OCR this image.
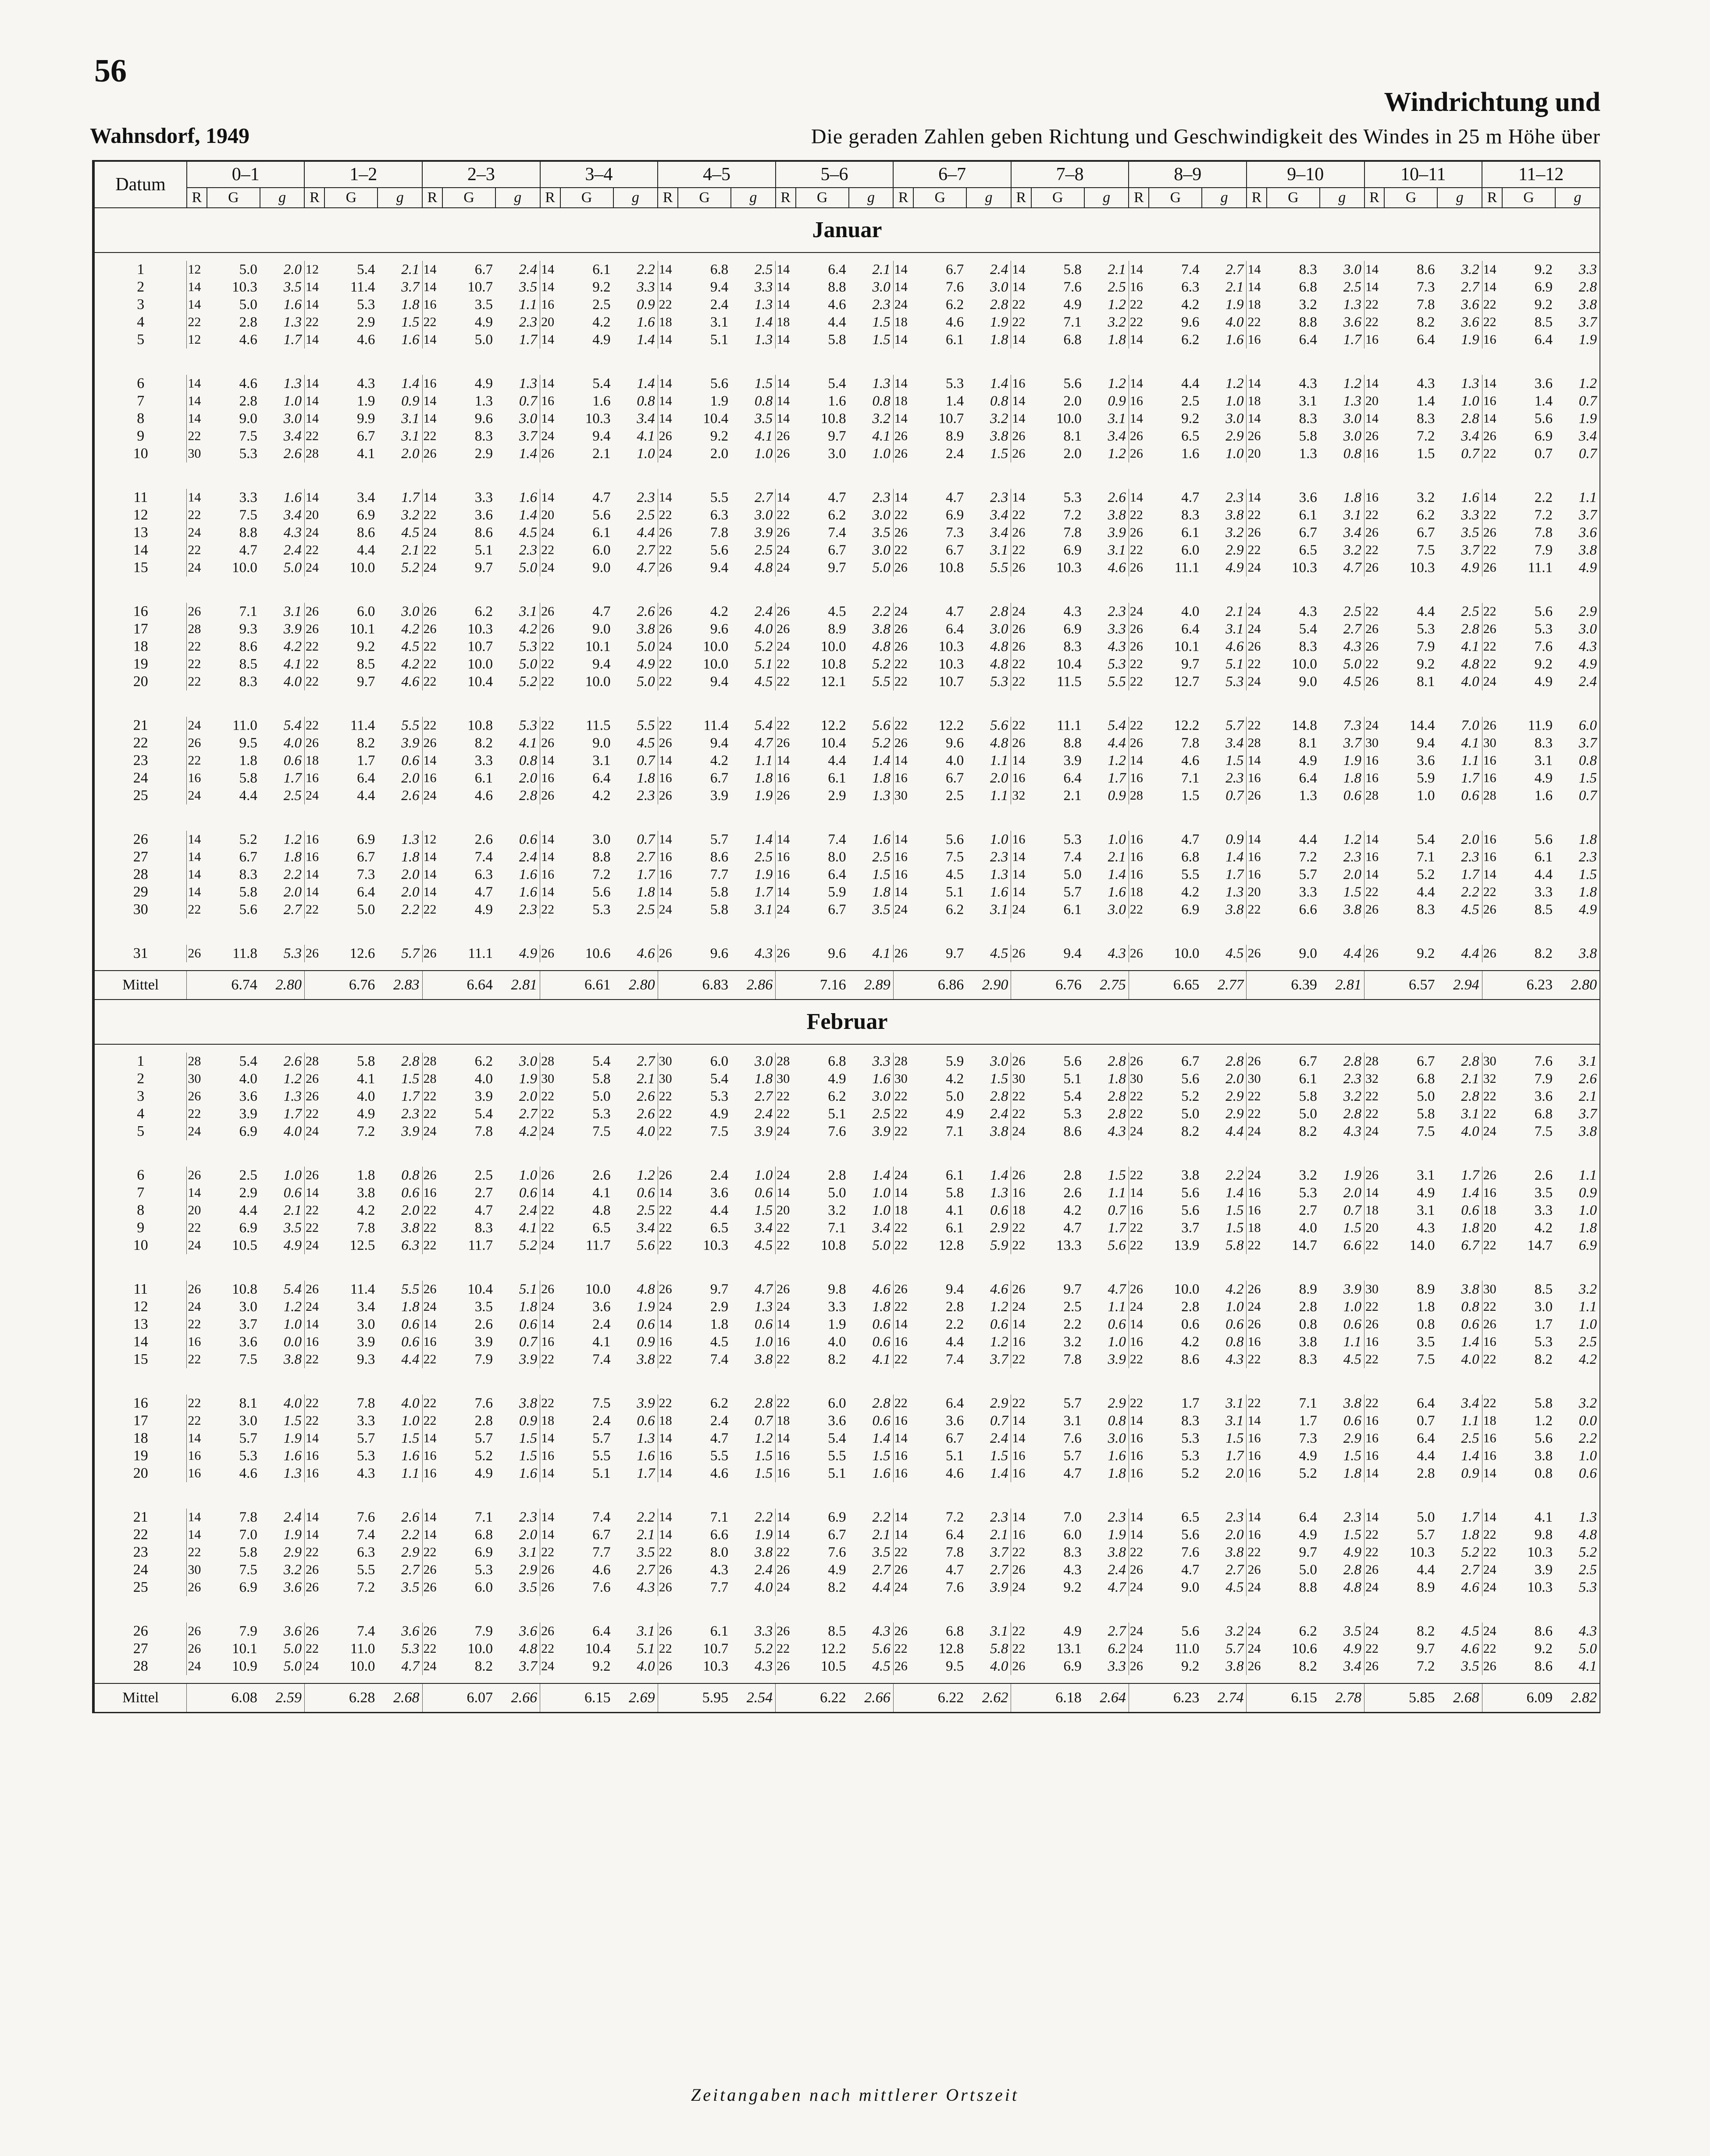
56
Windrichtung und
Wahnsdorf, 1949	Die geraden Zahlen geben Richtung und Geschwindigkeit des Windes in 25 m Höhe über
Datum	0–1			1–2			2–3			3–4			4–5			5–6			6–7			7–8			8–9			9–10			10–11			11–12		
	R	G	g	R	G	g	R	G	g	R	G	g	R	G	g	R	G	g	R	G	g	R	G	g	R	G	g	R	G	g	R	G	g	R	G	g
Januar																																				

1	12	5.0	2.0	12	5.4	2.1	14	6.7	2.4	14	6.1	2.2	14	6.8	2.5	14	6.4	2.1	14	6.7	2.4	14	5.8	2.1	14	7.4	2.7	14	8.3	3.0	14	8.6	3.2	14	9.2	3.3
2	14	10.3	3.5	14	11.4	3.7	14	10.7	3.5	14	9.2	3.3	14	9.4	3.3	14	8.8	3.0	14	7.6	3.0	14	7.6	2.5	16	6.3	2.1	14	6.8	2.5	14	7.3	2.7	14	6.9	2.8
3	14	5.0	1.6	14	5.3	1.8	16	3.5	1.1	16	2.5	0.9	22	2.4	1.3	14	4.6	2.3	24	6.2	2.8	22	4.9	1.2	22	4.2	1.9	18	3.2	1.3	22	7.8	3.6	22	9.2	3.8
4	22	2.8	1.3	22	2.9	1.5	22	4.9	2.3	20	4.2	1.6	18	3.1	1.4	18	4.4	1.5	18	4.6	1.9	22	7.1	3.2	22	9.6	4.0	22	8.8	3.6	22	8.2	3.6	22	8.5	3.7
5	12	4.6	1.7	14	4.6	1.6	14	5.0	1.7	14	4.9	1.4	14	5.1	1.3	14	5.8	1.5	14	6.1	1.8	14	6.8	1.8	14	6.2	1.6	16	6.4	1.7	16	6.4	1.9	16	6.4	1.9

6	14	4.6	1.3	14	4.3	1.4	16	4.9	1.3	14	5.4	1.4	14	5.6	1.5	14	5.4	1.3	14	5.3	1.4	16	5.6	1.2	14	4.4	1.2	14	4.3	1.2	14	4.3	1.3	14	3.6	1.2
7	14	2.8	1.0	14	1.9	0.9	14	1.3	0.7	16	1.6	0.8	14	1.9	0.8	14	1.6	0.8	18	1.4	0.8	14	2.0	0.9	16	2.5	1.0	18	3.1	1.3	20	1.4	1.0	16	1.4	0.7
8	14	9.0	3.0	14	9.9	3.1	14	9.6	3.0	14	10.3	3.4	14	10.4	3.5	14	10.8	3.2	14	10.7	3.2	14	10.0	3.1	14	9.2	3.0	14	8.3	3.0	14	8.3	2.8	14	5.6	1.9
9	22	7.5	3.4	22	6.7	3.1	22	8.3	3.7	24	9.4	4.1	26	9.2	4.1	26	9.7	4.1	26	8.9	3.8	26	8.1	3.4	26	6.5	2.9	26	5.8	3.0	26	7.2	3.4	26	6.9	3.4
10	30	5.3	2.6	28	4.1	2.0	26	2.9	1.4	26	2.1	1.0	24	2.0	1.0	26	3.0	1.0	26	2.4	1.5	26	2.0	1.2	26	1.6	1.0	20	1.3	0.8	16	1.5	0.7	22	0.7	0.7

11	14	3.3	1.6	14	3.4	1.7	14	3.3	1.6	14	4.7	2.3	14	5.5	2.7	14	4.7	2.3	14	4.7	2.3	14	5.3	2.6	14	4.7	2.3	14	3.6	1.8	16	3.2	1.6	14	2.2	1.1
12	22	7.5	3.4	20	6.9	3.2	22	3.6	1.4	20	5.6	2.5	22	6.3	3.0	22	6.2	3.0	22	6.9	3.4	22	7.2	3.8	22	8.3	3.8	22	6.1	3.1	22	6.2	3.3	22	7.2	3.7
13	24	8.8	4.3	24	8.6	4.5	24	8.6	4.5	24	6.1	4.4	26	7.8	3.9	26	7.4	3.5	26	7.3	3.4	26	7.8	3.9	26	6.1	3.2	26	6.7	3.4	26	6.7	3.5	26	7.8	3.6
14	22	4.7	2.4	22	4.4	2.1	22	5.1	2.3	22	6.0	2.7	22	5.6	2.5	24	6.7	3.0	22	6.7	3.1	22	6.9	3.1	22	6.0	2.9	22	6.5	3.2	22	7.5	3.7	22	7.9	3.8
15	24	10.0	5.0	24	10.0	5.2	24	9.7	5.0	24	9.0	4.7	26	9.4	4.8	24	9.7	5.0	26	10.8	5.5	26	10.3	4.6	26	11.1	4.9	24	10.3	4.7	26	10.3	4.9	26	11.1	4.9

16	26	7.1	3.1	26	6.0	3.0	26	6.2	3.1	26	4.7	2.6	26	4.2	2.4	26	4.5	2.2	24	4.7	2.8	24	4.3	2.3	24	4.0	2.1	24	4.3	2.5	22	4.4	2.5	22	5.6	2.9
17	28	9.3	3.9	26	10.1	4.2	26	10.3	4.2	26	9.0	3.8	26	9.6	4.0	26	8.9	3.8	26	6.4	3.0	26	6.9	3.3	26	6.4	3.1	24	5.4	2.7	26	5.3	2.8	26	5.3	3.0
18	22	8.6	4.2	22	9.2	4.5	22	10.7	5.3	22	10.1	5.0	24	10.0	5.2	24	10.0	4.8	26	10.3	4.8	26	8.3	4.3	26	10.1	4.6	26	8.3	4.3	26	7.9	4.1	22	7.6	4.3
19	22	8.5	4.1	22	8.5	4.2	22	10.0	5.0	22	9.4	4.9	22	10.0	5.1	22	10.8	5.2	22	10.3	4.8	22	10.4	5.3	22	9.7	5.1	22	10.0	5.0	22	9.2	4.8	22	9.2	4.9
20	22	8.3	4.0	22	9.7	4.6	22	10.4	5.2	22	10.0	5.0	22	9.4	4.5	22	12.1	5.5	22	10.7	5.3	22	11.5	5.5	22	12.7	5.3	24	9.0	4.5	26	8.1	4.0	24	4.9	2.4

21	24	11.0	5.4	22	11.4	5.5	22	10.8	5.3	22	11.5	5.5	22	11.4	5.4	22	12.2	5.6	22	12.2	5.6	22	11.1	5.4	22	12.2	5.7	22	14.8	7.3	24	14.4	7.0	26	11.9	6.0
22	26	9.5	4.0	26	8.2	3.9	26	8.2	4.1	26	9.0	4.5	26	9.4	4.7	26	10.4	5.2	26	9.6	4.8	26	8.8	4.4	26	7.8	3.4	28	8.1	3.7	30	9.4	4.1	30	8.3	3.7
23	22	1.8	0.6	18	1.7	0.6	14	3.3	0.8	14	3.1	0.7	14	4.2	1.1	14	4.4	1.4	14	4.0	1.1	14	3.9	1.2	14	4.6	1.5	14	4.9	1.9	16	3.6	1.1	16	3.1	0.8
24	16	5.8	1.7	16	6.4	2.0	16	6.1	2.0	16	6.4	1.8	16	6.7	1.8	16	6.1	1.8	16	6.7	2.0	16	6.4	1.7	16	7.1	2.3	16	6.4	1.8	16	5.9	1.7	16	4.9	1.5
25	24	4.4	2.5	24	4.4	2.6	24	4.6	2.8	26	4.2	2.3	26	3.9	1.9	26	2.9	1.3	30	2.5	1.1	32	2.1	0.9	28	1.5	0.7	26	1.3	0.6	28	1.0	0.6	28	1.6	0.7

26	14	5.2	1.2	16	6.9	1.3	12	2.6	0.6	14	3.0	0.7	14	5.7	1.4	14	7.4	1.6	14	5.6	1.0	16	5.3	1.0	16	4.7	0.9	14	4.4	1.2	14	5.4	2.0	16	5.6	1.8
27	14	6.7	1.8	16	6.7	1.8	14	7.4	2.4	14	8.8	2.7	16	8.6	2.5	16	8.0	2.5	16	7.5	2.3	14	7.4	2.1	16	6.8	1.4	16	7.2	2.3	16	7.1	2.3	16	6.1	2.3
28	14	8.3	2.2	14	7.3	2.0	14	6.3	1.6	16	7.2	1.7	16	7.7	1.9	16	6.4	1.5	16	4.5	1.3	14	5.0	1.4	16	5.5	1.7	16	5.7	2.0	14	5.2	1.7	14	4.4	1.5
29	14	5.8	2.0	14	6.4	2.0	14	4.7	1.6	14	5.6	1.8	14	5.8	1.7	14	5.9	1.8	14	5.1	1.6	14	5.7	1.6	18	4.2	1.3	20	3.3	1.5	22	4.4	2.2	22	3.3	1.8
30	22	5.6	2.7	22	5.0	2.2	22	4.9	2.3	22	5.3	2.5	24	5.8	3.1	24	6.7	3.5	24	6.2	3.1	24	6.1	3.0	22	6.9	3.8	22	6.6	3.8	26	8.3	4.5	26	8.5	4.9

31	26	11.8	5.3	26	12.6	5.7	26	11.1	4.9	26	10.6	4.6	26	9.6	4.3	26	9.6	4.1	26	9.7	4.5	26	9.4	4.3	26	10.0	4.5	26	9.0	4.4	26	9.2	4.4	26	8.2	3.8

Mittel		6.74	2.80		6.76	2.83		6.64	2.81		6.61	2.80		6.83	2.86		7.16	2.89		6.86	2.90		6.76	2.75		6.65	2.77		6.39	2.81		6.57	2.94		6.23	2.80
Februar																																				

1	28	5.4	2.6	28	5.8	2.8	28	6.2	3.0	28	5.4	2.7	30	6.0	3.0	28	6.8	3.3	28	5.9	3.0	26	5.6	2.8	26	6.7	2.8	26	6.7	2.8	28	6.7	2.8	30	7.6	3.1
2	30	4.0	1.2	26	4.1	1.5	28	4.0	1.9	30	5.8	2.1	30	5.4	1.8	30	4.9	1.6	30	4.2	1.5	30	5.1	1.8	30	5.6	2.0	30	6.1	2.3	32	6.8	2.1	32	7.9	2.6
3	26	3.6	1.3	26	4.0	1.7	22	3.9	2.0	22	5.0	2.6	22	5.3	2.7	22	6.2	3.0	22	5.0	2.8	22	5.4	2.8	22	5.2	2.9	22	5.8	3.2	22	5.0	2.8	22	3.6	2.1
4	22	3.9	1.7	22	4.9	2.3	22	5.4	2.7	22	5.3	2.6	22	4.9	2.4	22	5.1	2.5	22	4.9	2.4	22	5.3	2.8	22	5.0	2.9	22	5.0	2.8	22	5.8	3.1	22	6.8	3.7
5	24	6.9	4.0	24	7.2	3.9	24	7.8	4.2	24	7.5	4.0	22	7.5	3.9	24	7.6	3.9	22	7.1	3.8	24	8.6	4.3	24	8.2	4.4	24	8.2	4.3	24	7.5	4.0	24	7.5	3.8

6	26	2.5	1.0	26	1.8	0.8	26	2.5	1.0	26	2.6	1.2	26	2.4	1.0	24	2.8	1.4	24	6.1	1.4	26	2.8	1.5	22	3.8	2.2	24	3.2	1.9	26	3.1	1.7	26	2.6	1.1
7	14	2.9	0.6	14	3.8	0.6	16	2.7	0.6	14	4.1	0.6	14	3.6	0.6	14	5.0	1.0	14	5.8	1.3	16	2.6	1.1	14	5.6	1.4	16	5.3	2.0	14	4.9	1.4	16	3.5	0.9
8	20	4.4	2.1	22	4.2	2.0	22	4.7	2.4	22	4.8	2.5	22	4.4	1.5	20	3.2	1.0	18	4.1	0.6	18	4.2	0.7	16	5.6	1.5	16	2.7	0.7	18	3.1	0.6	18	3.3	1.0
9	22	6.9	3.5	22	7.8	3.8	22	8.3	4.1	22	6.5	3.4	22	6.5	3.4	22	7.1	3.4	22	6.1	2.9	22	4.7	1.7	22	3.7	1.5	18	4.0	1.5	20	4.3	1.8	20	4.2	1.8
10	24	10.5	4.9	24	12.5	6.3	22	11.7	5.2	24	11.7	5.6	22	10.3	4.5	22	10.8	5.0	22	12.8	5.9	22	13.3	5.6	22	13.9	5.8	22	14.7	6.6	22	14.0	6.7	22	14.7	6.9

11	26	10.8	5.4	26	11.4	5.5	26	10.4	5.1	26	10.0	4.8	26	9.7	4.7	26	9.8	4.6	26	9.4	4.6	26	9.7	4.7	26	10.0	4.2	26	8.9	3.9	30	8.9	3.8	30	8.5	3.2
12	24	3.0	1.2	24	3.4	1.8	24	3.5	1.8	24	3.6	1.9	24	2.9	1.3	24	3.3	1.8	22	2.8	1.2	24	2.5	1.1	24	2.8	1.0	24	2.8	1.0	22	1.8	0.8	22	3.0	1.1
13	22	3.7	1.0	14	3.0	0.6	14	2.6	0.6	14	2.4	0.6	14	1.8	0.6	14	1.9	0.6	14	2.2	0.6	14	2.2	0.6	14	0.6	0.6	26	0.8	0.6	26	0.8	0.6	26	1.7	1.0
14	16	3.6	0.0	16	3.9	0.6	16	3.9	0.7	16	4.1	0.9	16	4.5	1.0	16	4.0	0.6	16	4.4	1.2	16	3.2	1.0	16	4.2	0.8	16	3.8	1.1	16	3.5	1.4	16	5.3	2.5
15	22	7.5	3.8	22	9.3	4.4	22	7.9	3.9	22	7.4	3.8	22	7.4	3.8	22	8.2	4.1	22	7.4	3.7	22	7.8	3.9	22	8.6	4.3	22	8.3	4.5	22	7.5	4.0	22	8.2	4.2

16	22	8.1	4.0	22	7.8	4.0	22	7.6	3.8	22	7.5	3.9	22	6.2	2.8	22	6.0	2.8	22	6.4	2.9	22	5.7	2.9	22	1.7	3.1	22	7.1	3.8	22	6.4	3.4	22	5.8	3.2
17	22	3.0	1.5	22	3.3	1.0	22	2.8	0.9	18	2.4	0.6	18	2.4	0.7	18	3.6	0.6	16	3.6	0.7	14	3.1	0.8	14	8.3	3.1	14	1.7	0.6	16	0.7	1.1	18	1.2	0.0
18	14	5.7	1.9	14	5.7	1.5	14	5.7	1.5	14	5.7	1.3	14	4.7	1.2	14	5.4	1.4	14	6.7	2.4	14	7.6	3.0	16	5.3	1.5	16	7.3	2.9	16	6.4	2.5	16	5.6	2.2
19	16	5.3	1.6	16	5.3	1.6	16	5.2	1.5	16	5.5	1.6	16	5.5	1.5	16	5.5	1.5	16	5.1	1.5	16	5.7	1.6	16	5.3	1.7	16	4.9	1.5	16	4.4	1.4	16	3.8	1.0
20	16	4.6	1.3	16	4.3	1.1	16	4.9	1.6	14	5.1	1.7	14	4.6	1.5	16	5.1	1.6	16	4.6	1.4	16	4.7	1.8	16	5.2	2.0	16	5.2	1.8	14	2.8	0.9	14	0.8	0.6

21	14	7.8	2.4	14	7.6	2.6	14	7.1	2.3	14	7.4	2.2	14	7.1	2.2	14	6.9	2.2	14	7.2	2.3	14	7.0	2.3	14	6.5	2.3	14	6.4	2.3	14	5.0	1.7	14	4.1	1.3
22	14	7.0	1.9	14	7.4	2.2	14	6.8	2.0	14	6.7	2.1	14	6.6	1.9	14	6.7	2.1	14	6.4	2.1	16	6.0	1.9	14	5.6	2.0	16	4.9	1.5	22	5.7	1.8	22	9.8	4.8
23	22	5.8	2.9	22	6.3	2.9	22	6.9	3.1	22	7.7	3.5	22	8.0	3.8	22	7.6	3.5	22	7.8	3.7	22	8.3	3.8	22	7.6	3.8	22	9.7	4.9	22	10.3	5.2	22	10.3	5.2
24	30	7.5	3.2	26	5.5	2.7	26	5.3	2.9	26	4.6	2.7	26	4.3	2.4	26	4.9	2.7	26	4.7	2.7	26	4.3	2.4	26	4.7	2.7	26	5.0	2.8	26	4.4	2.7	24	3.9	2.5
25	26	6.9	3.6	26	7.2	3.5	26	6.0	3.5	26	7.6	4.3	26	7.7	4.0	24	8.2	4.4	24	7.6	3.9	24	9.2	4.7	24	9.0	4.5	24	8.8	4.8	24	8.9	4.6	24	10.3	5.3

26	26	7.9	3.6	26	7.4	3.6	26	7.9	3.6	26	6.4	3.1	26	6.1	3.3	26	8.5	4.3	26	6.8	3.1	22	4.9	2.7	24	5.6	3.2	24	6.2	3.5	24	8.2	4.5	24	8.6	4.3
27	26	10.1	5.0	22	11.0	5.3	22	10.0	4.8	22	10.4	5.1	22	10.7	5.2	22	12.2	5.6	22	12.8	5.8	22	13.1	6.2	24	11.0	5.7	24	10.6	4.9	22	9.7	4.6	22	9.2	5.0
28	24	10.9	5.0	24	10.0	4.7	24	8.2	3.7	24	9.2	4.0	26	10.3	4.3	26	10.5	4.5	26	9.5	4.0	26	6.9	3.3	26	9.2	3.8	26	8.2	3.4	26	7.2	3.5	26	8.6	4.1

Mittel		6.08	2.59		6.28	2.68		6.07	2.66		6.15	2.69		5.95	2.54		6.22	2.66		6.22	2.62		6.18	2.64		6.23	2.74		6.15	2.78		5.85	2.68		6.09	2.82
Zeitangaben nach mittlerer Ortszeit
